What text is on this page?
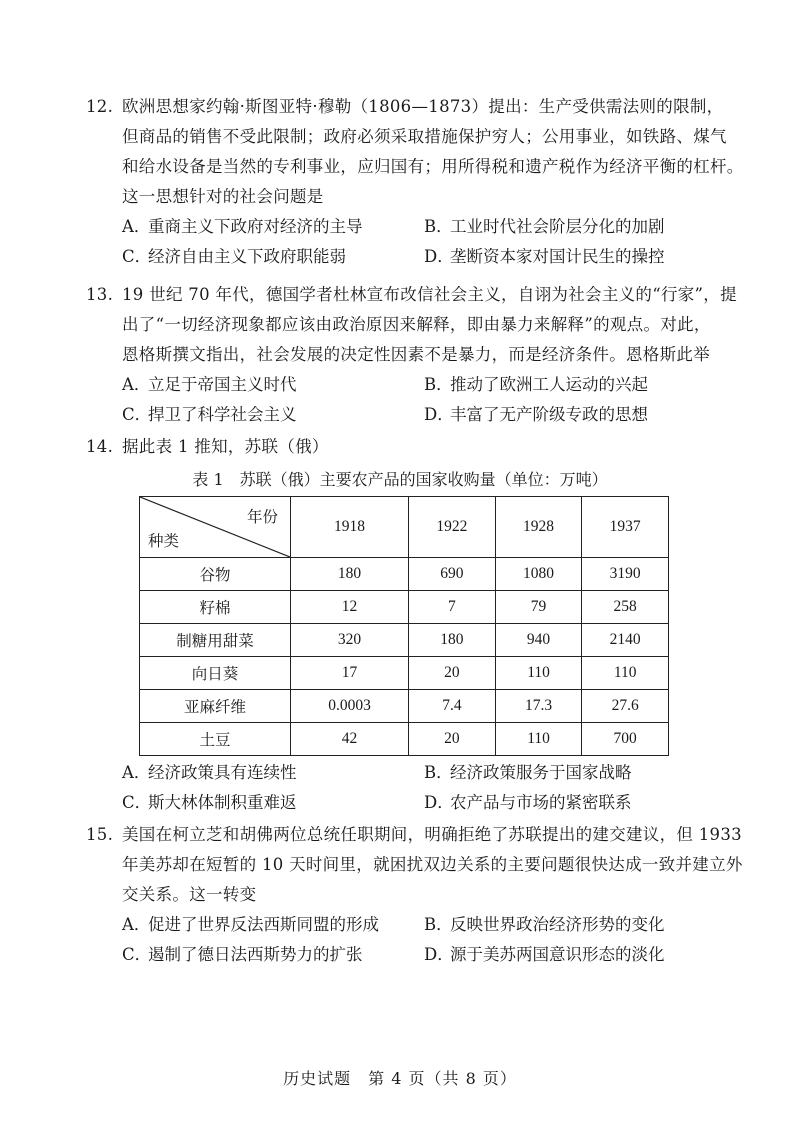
12. 欧洲思想家约翰·斯图亚特·穆勒（1806—1873）提出：生产受供需法则的限制，
但商品的销售不受此限制；政府必须采取措施保护穷人；公用事业，如铁路、煤气
和给水设备是当然的专利事业，应归国有；用所得税和遗产税作为经济平衡的杠杆。
这一思想针对的社会问题是
A．重商主义下政府对经济的主导	B．工业时代社会阶层分化的加剧
C．经济自由主义下政府职能弱	D．垄断资本家对国计民生的操控
13. 19 世纪 70 年代，德国学者杜林宣布改信社会主义，自诩为社会主义的“行家”，提
出了“一切经济现象都应该由政治原因来解释，即由暴力来解释”的观点。对此，
恩格斯撰文指出，社会发展的决定性因素不是暴力，而是经济条件。恩格斯此举
A．立足于帝国主义时代	B．推动了欧洲工人运动的兴起
C．捍卫了科学社会主义	D．丰富了无产阶级专政的思想
14. 据此表 1 推知，苏联（俄）
表 1　苏联（俄）主要农产品的国家收购量（单位：万吨）
年份
种类	1918	1922	1928	1937
谷物	180	690	1080	3190
籽棉	12	7	79	258
制糖用甜菜	320	180	940	2140
向日葵	17	20	110	110
亚麻纤维	0.0003	7.4	17.3	27.6
土豆	42	20	110	700
A．经济政策具有连续性	B．经济政策服务于国家战略
C．斯大林体制积重难返	D．农产品与市场的紧密联系
15. 美国在柯立芝和胡佛两位总统任职期间，明确拒绝了苏联提出的建交建议，但 1933
年美苏却在短暂的 10 天时间里，就困扰双边关系的主要问题很快达成一致并建立外
交关系。这一转变
A．促进了世界反法西斯同盟的形成	B．反映世界政治经济形势的变化
C．遏制了德日法西斯势力的扩张	D．源于美苏两国意识形态的淡化
历史试题　第 4 页（共 8 页）
